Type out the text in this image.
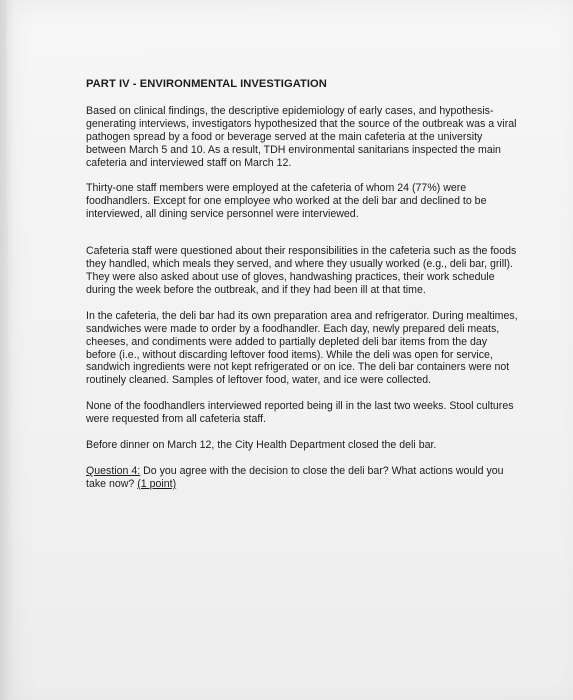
​
PART IV - ENVIRONMENTAL INVESTIGATION

Based on clinical findings, the descriptive epidemiology of early cases, and hypothesis-generating interviews, investigators hypothesized that the source of the outbreak was a viral pathogen spread by a food or beverage served at the main cafeteria at the university between March 5 and 10. As a result, TDH environmental sanitarians inspected the main cafeteria and interviewed staff on March 12.

Thirty-one staff members were employed at the cafeteria of whom 24 (77%) were foodhandlers. Except for one employee who worked at the deli bar and declined to be interviewed, all dining service personnel were interviewed.

Cafeteria staff were questioned about their responsibilities in the cafeteria such as the foods they handled, which meals they served, and where they usually worked (e.g., deli bar, grill). They were also asked about use of gloves, handwashing practices, their work schedule during the week before the outbreak, and if they had been ill at that time.

In the cafeteria, the deli bar had its own preparation area and refrigerator. During mealtimes, sandwiches were made to order by a foodhandler. Each day, newly prepared deli meats, cheeses, and condiments were added to partially depleted deli bar items from the day before (i.e., without discarding leftover food items). While the deli was open for service, sandwich ingredients were not kept refrigerated or on ice. The deli bar containers were not routinely cleaned. Samples of leftover food, water, and ice were collected.

None of the foodhandlers interviewed reported being ill in the last two weeks. Stool cultures were requested from all cafeteria staff.

Before dinner on March 12, the City Health Department closed the deli bar.

Question 4: Do you agree with the decision to close the deli bar? What actions would you take now? (1 point)
